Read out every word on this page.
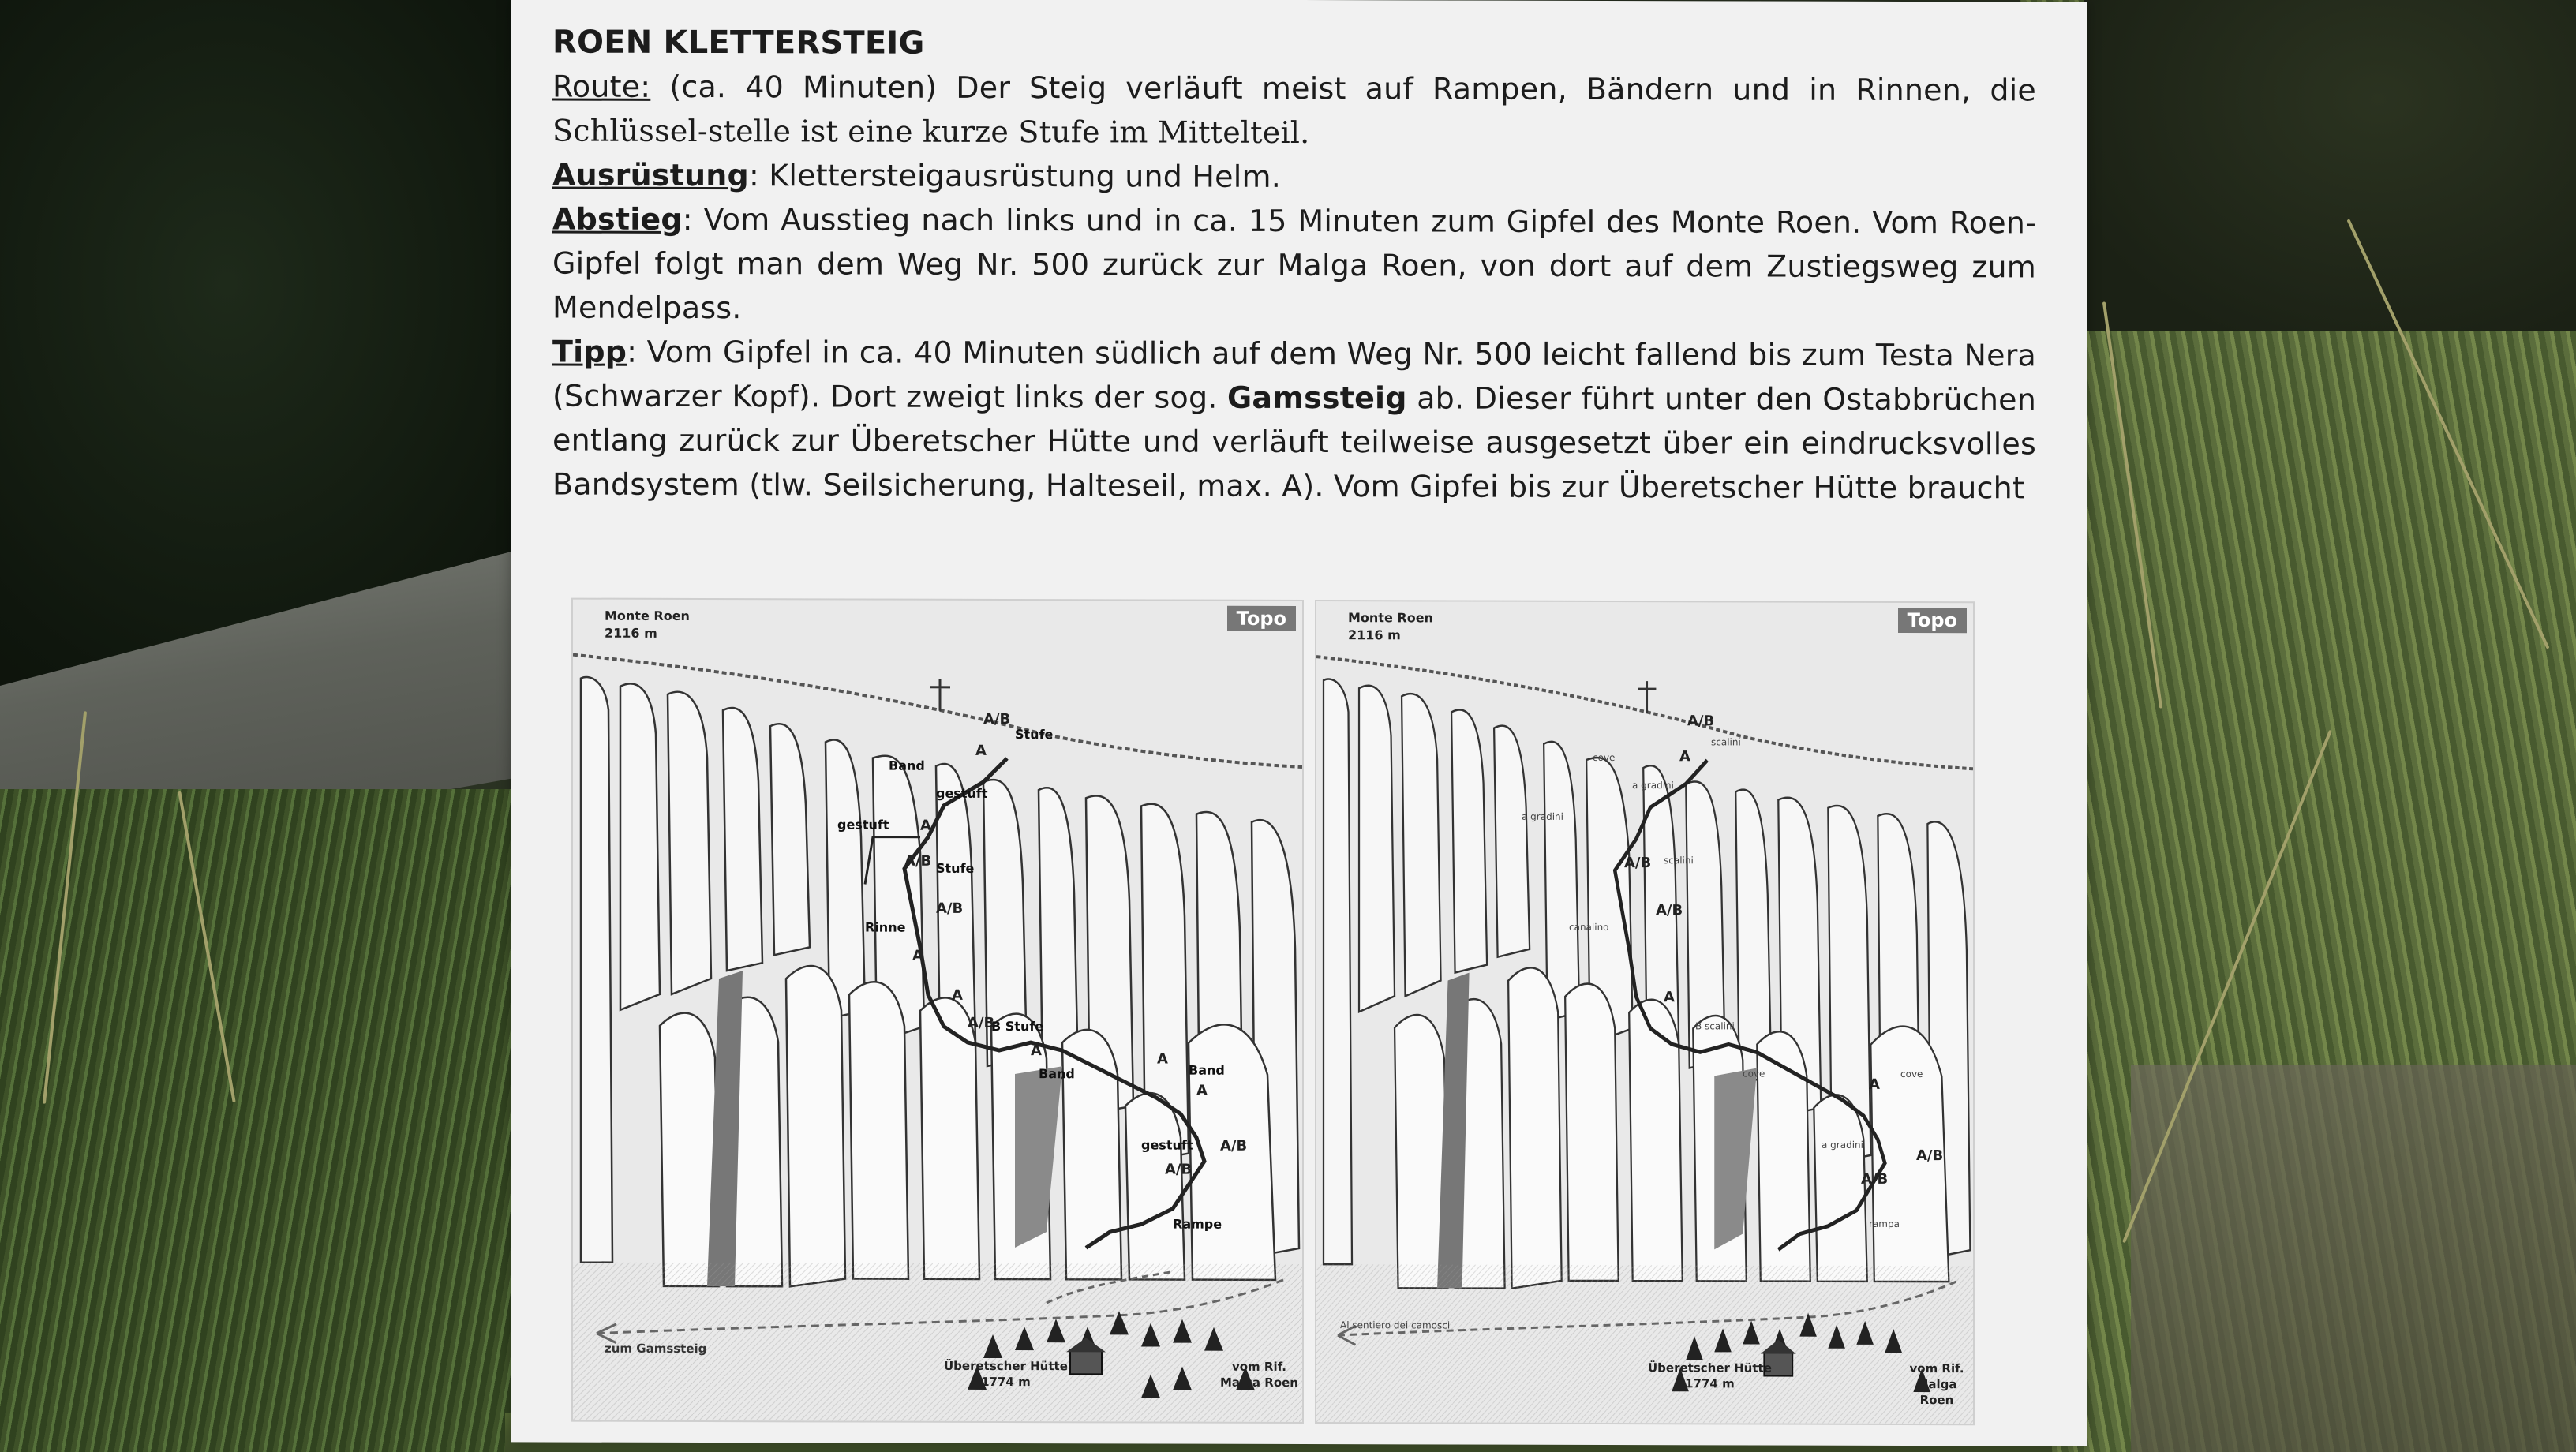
ROEN KLETTERSTEIG

Route: (ca. 40 Minuten) Der Steig verläuft meist auf Rampen, Bändern und in Rinnen, die Schlüssel-stelle ist eine kurze Stufe im Mittelteil.

Ausrüstung: Klettersteigausrüstung und Helm.

Abstieg: Vom Ausstieg nach links und in ca. 15 Minuten zum Gipfel des Monte Roen. Vom Roen-Gipfel folgt man dem Weg Nr. 500 zurück zur Malga Roen, von dort auf dem Zustiegsweg zum Mendelpass.

Tipp: Vom Gipfel in ca. 40 Minuten südlich auf dem Weg Nr. 500 leicht fallend bis zum Testa Nera (Schwarzer Kopf). Dort zweigt links der sog. Gamssteig ab. Dieser führt unter den Ostabbrüchen entlang zurück zur Überetscher Hütte und verläuft teilweise ausgesetzt über ein eindrucksvolles Bandsystem (tlw. Seilsicherung, Halteseil, max. A). Vom Gipfei bis zur Überetscher Hütte braucht

Topo
Monte Roen
2116 m
Stufe
Band
gestuft
gestuft
Stufe
Rinne
B Stufe
Band	Band
gestuft
Rampe
A/B
A
A
A/B
A/B
A
A
A/B
A	A
A
A/B
A/B
zum Gamssteig
Überetscher Hütte
1774 m
vom Rif.
Malga Roen
Topo
Monte Roen
2116 m
scalini
cove
a gradini
a gradini
scalini
canalino
B scalini
cove	cove
a gradini
rampa
A/B
A
A/B
A/B
A
A
A/B
A/B
Al sentiero dei camosci
Überetscher Hütte
1774 m
vom Rif.
Malga Roen
